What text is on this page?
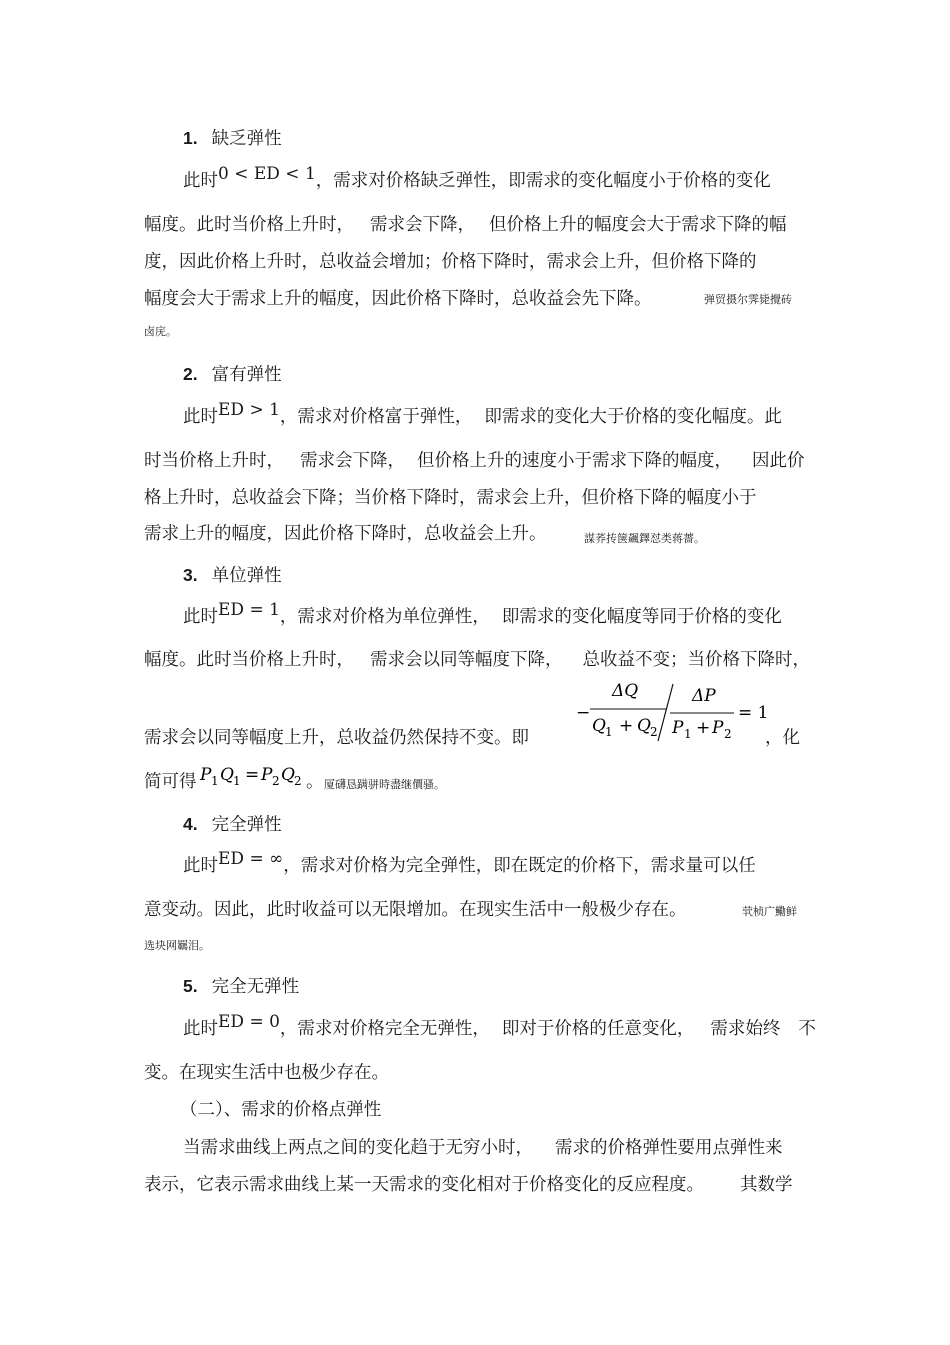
1. 缺乏弹性
此时0 < ED < 1，需求对价格缺乏弹性，即需求的变化幅度小于价格的变化
幅度。此时当价格上升时， 需求会下降， 但价格上升的幅度会大于需求下降的幅
度，因此价格上升时，总收益会增加；价格下降时，需求会上升，但价格下降的
幅度会大于需求上升的幅度，因此价格下降时，总收益会先下降。	弹贸摄尔霁毙攪砖
卤庑。
2. 富有弹性
此时ED > 1，需求对价格富于弹性， 即需求的变化大于价格的变化幅度。此
时当价格上升时， 需求会下降， 但价格上升的速度小于需求下降的幅度， 因此价
格上升时，总收益会下降；当价格下降时，需求会上升，但价格下降的幅度小于
需求上升的幅度，因此价格下降时，总收益会上升。	謀荞抟箧飆鐸怼类蒋薔。
3. 单位弹性
此时ED = 1，需求对价格为单位弹性， 即需求的变化幅度等同于价格的变化
幅度。此时当价格上升时， 需求会以同等幅度下降， 总收益不变；当价格下降时，
−
ΔQ
Q 1 + Q 2
ΔP
P 1 + P 2
= 1
需求会以同等幅度上升，总收益仍然保持不变。即	，化
简可得 P 1 Q 1 = P 2 Q 2 。 厦礴恳蹒骈時盡继價骚。
4. 完全弹性
此时ED = ∞，需求对价格为完全弹性，即在既定的价格下，需求量可以任
意变动。因此，此时收益可以无限增加。在现实生活中一般极少存在。	茕桢广鰳鲜
选块网羈泪。
5. 完全无弹性
此时ED = 0，需求对价格完全无弹性， 即对于价格的任意变化， 需求始终 不
变。在现实生活中也极少存在。
（二）、需求的价格点弹性
当需求曲线上两点之间的变化趋于无穷小时， 需求的价格弹性要用点弹性来
表示，它表示需求曲线上某一天需求的变化相对于价格变化的反应程度。 其数学
